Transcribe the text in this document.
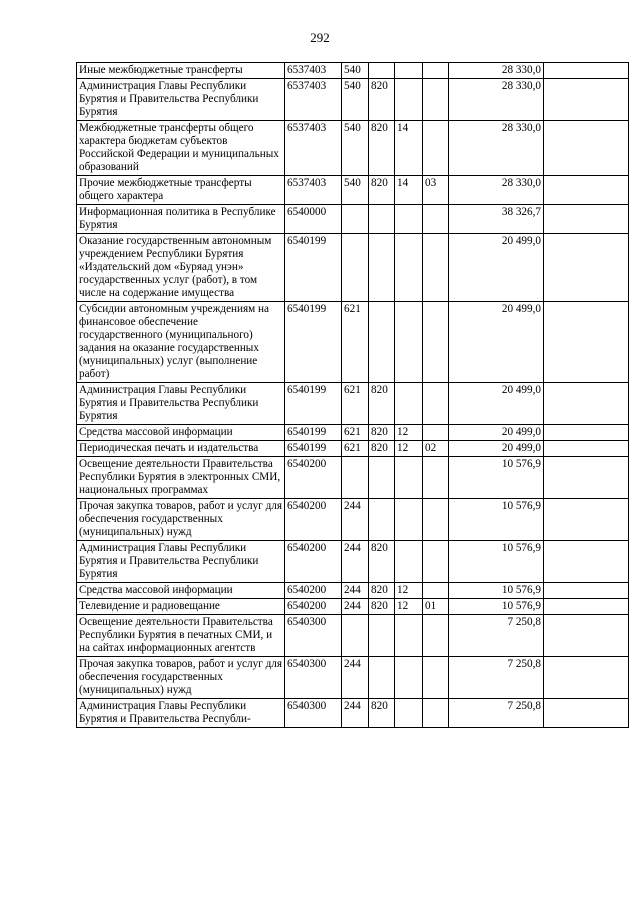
292
Иные межбюджетные трансферты	6537403	540				28 330,0	
Администрация Главы Республики Бурятия и Правительства Республики Бурятия	6537403	540	820			28 330,0	
Межбюджетные трансферты общего характера бюджетам субъектов Российской Федерации и муниципальных образований	6537403	540	820	14		28 330,0	
Прочие межбюджетные трансферты общего характера	6537403	540	820	14	03	28 330,0	
Информационная политика в Республике Бурятия	6540000					38 326,7	
Оказание государственным автономным учреждением Республики Бурятия «Издательский дом «Буряад унэн» государственных услуг (работ), в том числе на содержание имущества	6540199					20 499,0	
Субсидии автономным учреждениям на финансовое обеспечение государственного (муниципального) задания на оказание государственных (муниципальных) услуг (выполнение работ)	6540199	621				20 499,0	
Администрация Главы Республики Бурятия и Правительства Республики Бурятия	6540199	621	820			20 499,0	
Средства массовой информации	6540199	621	820	12		20 499,0	
Периодическая печать и издательства	6540199	621	820	12	02	20 499,0	
Освещение деятельности Правительства Республики Бурятия в электронных СМИ, национальных программах	6540200					10 576,9	
Прочая закупка товаров, работ и услуг для обеспечения государственных (муниципальных) нужд	6540200	244				10 576,9	
Администрация Главы Республики Бурятия и Правительства Республики Бурятия	6540200	244	820			10 576,9	
Средства массовой информации	6540200	244	820	12		10 576,9	
Телевидение и радиовещание	6540200	244	820	12	01	10 576,9	
Освещение деятельности Правительства Республики Бурятия в печатных СМИ, и на сайтах информационных агентств	6540300					7 250,8	
Прочая закупка товаров, работ и услуг для обеспечения государственных (муниципальных) нужд	6540300	244				7 250,8	
Администрация Главы Республики Бурятия и Правительства Республи-	6540300	244	820			7 250,8	
